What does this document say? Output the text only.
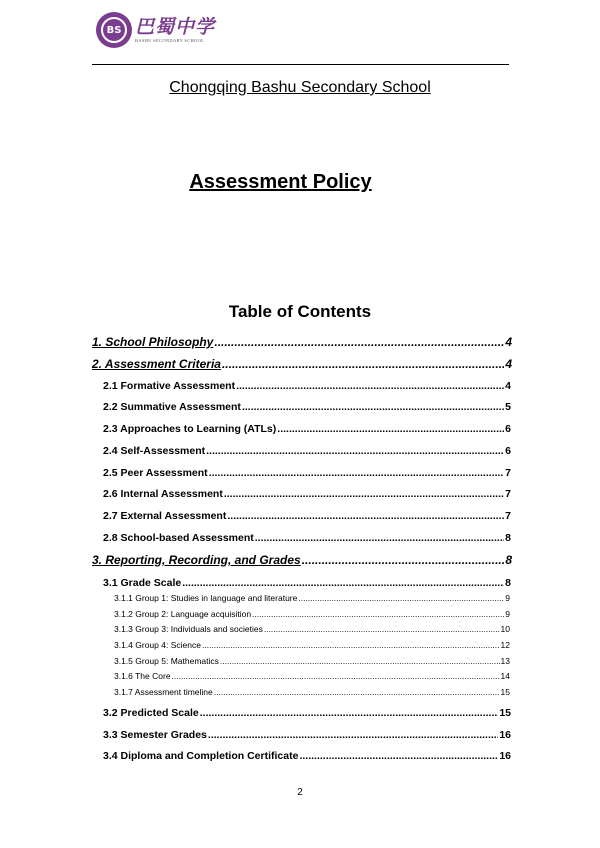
BS 巴蜀中学
BASHU SECONDARY SCHOOL
Chongqing Bashu Secondary School
Assessment Policy
Table of Contents
1. School Philosophy .....	4
2. Assessment Criteria .....	4
2.1 Formative Assessment .....	4
2.2 Summative Assessment .....	5
2.3 Approaches to Learning (ATLs) .....	6
2.4 Self-Assessment .....	6
2.5 Peer Assessment .....	7
2.6 Internal Assessment .....	7
2.7 External Assessment .....	7
2.8 School-based Assessment .....	8
3. Reporting, Recording, and Grades .....	8
3.1 Grade Scale .....	8
3.1.1 Group 1: Studies in language and literature .....	9
3.1.2 Group 2: Language acquisition .....	9
3.1.3 Group 3: Individuals and societies .....	10
3.1.4 Group 4: Science .....	12
3.1.5 Group 5: Mathematics .....	13
3.1.6 The Core .....	14
3.1.7 Assessment timeline .....	15
3.2 Predicted Scale .....	15
3.3 Semester Grades .....	16
3.4 Diploma and Completion Certificate .....	16
2
